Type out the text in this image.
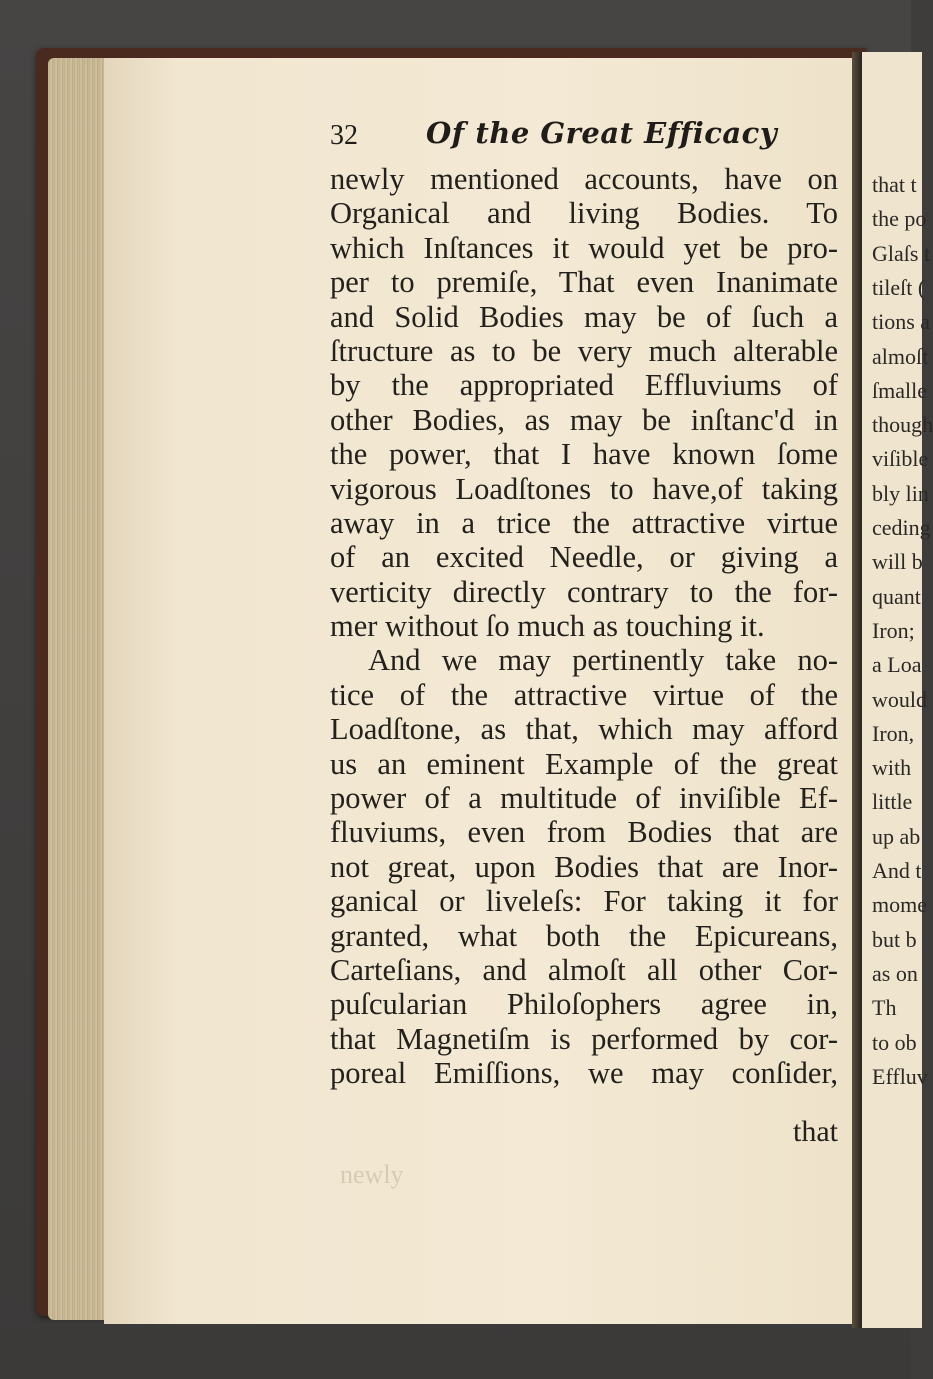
that t
the po
Glaſs t
tileſt (
tions a
almoſt
ſmalle
though
viſible
bly lin
ceding
will b
quant
Iron;
a Loa
would
Iron,
with
little
up ab
And t
mome
but b
as on
Th
to ob
Effluv
32 Of the Great Efficacy
newly mentioned accounts, have on
Organical and living Bodies. To
which Inſtances it would yet be pro-
per to premiſe, That even Inanimate
and Solid Bodies may be of ſuch a
ſtructure as to be very much alterable
by the appropriated Effluviums of
other Bodies, as may be inſtanc'd in
the power, that I have known ſome
vigorous Loadſtones to have,of taking
away in a trice the attractive virtue
of an excited Needle, or giving a
verticity directly contrary to the for-
mer without ſo much as touching it.
And we may pertinently take no-
tice of the attractive virtue of the
Loadſtone, as that, which may afford
us an eminent Example of the great
power of a multitude of inviſible Ef-
fluviums, even from Bodies that are
not great, upon Bodies that are Inor-
ganical or liveleſs: For taking it for
granted, what both the Epicureans,
Carteſians, and almoſt all other Cor-
puſcularian Philoſophers agree in,
that Magnetiſm is performed by cor-
poreal Emiſſions, we may conſider,
that
newly
